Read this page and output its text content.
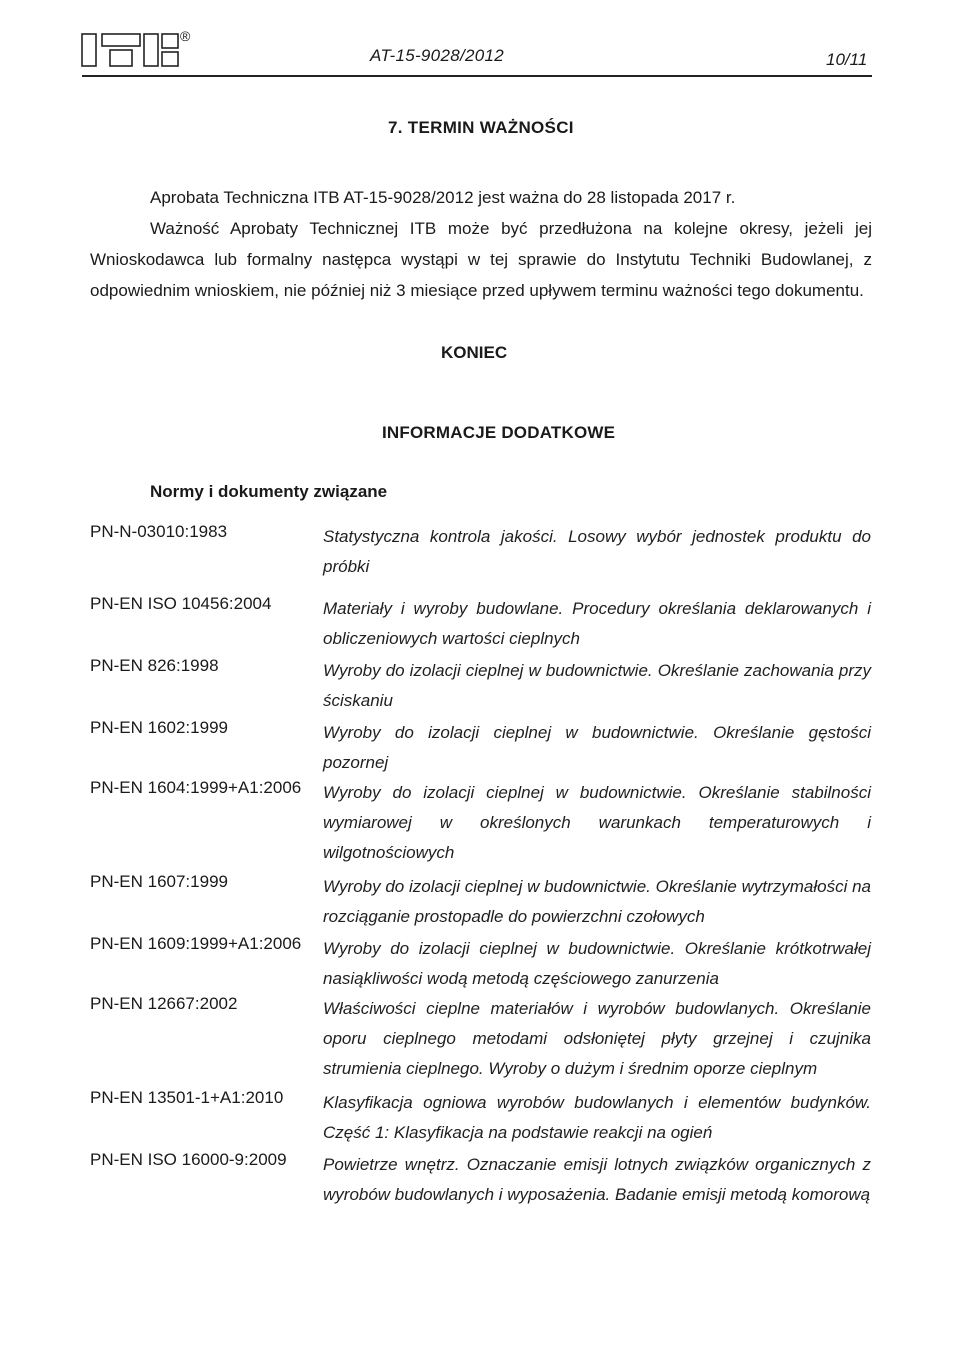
®
AT-15-9028/2012	10/11
7. TERMIN WAŻNOŚCI

Aprobata Techniczna ITB AT-15-9028/2012 jest ważna do 28 listopada 2017 r.

Ważność Aprobaty Technicznej ITB może być przedłużona na kolejne okresy, jeżeli jej Wnioskodawca lub formalny następca wystąpi w tej sprawie do Instytutu Techniki Budowlanej, z odpowiednim wnioskiem, nie później niż 3 miesiące przed upływem terminu ważności tego dokumentu.

KONIEC
INFORMACJE DODATKOWE
Normy i dokumenty związane
PN-N-03010:1983	Statystyczna kontrola jakości. Losowy wybór jednostek produktu do próbki
PN-EN ISO 10456:2004	Materiały i wyroby budowlane. Procedury określania deklarowanych i obliczeniowych wartości cieplnych
PN-EN 826:1998	Wyroby do izolacji cieplnej w budownictwie. Określanie zachowania przy ściskaniu
PN-EN 1602:1999	Wyroby do izolacji cieplnej w budownictwie. Określanie gęstości pozornej
PN-EN 1604:1999+A1:2006 Wyroby do izolacji cieplnej w budownictwie. Określanie stabilności wymiarowej w określonych warunkach temperaturowych i wilgotnościowych
PN-EN 1607:1999	Wyroby do izolacji cieplnej w budownictwie. Określanie wytrzymałości na rozciąganie prostopadle do powierzchni czołowych
PN-EN 1609:1999+A1:2006 Wyroby do izolacji cieplnej w budownictwie. Określanie krótkotrwałej nasiąkliwości wodą metodą częściowego zanurzenia
PN-EN 12667:2002	Właściwości cieplne materiałów i wyrobów budowlanych. Określanie oporu cieplnego metodami odsłoniętej płyty grzejnej i czujnika strumienia cieplnego. Wyroby o dużym i średnim oporze cieplnym
PN-EN 13501-1+A1:2010 Klasyfikacja ogniowa wyrobów budowlanych i elementów budynków. Część 1: Klasyfikacja na podstawie reakcji na ogień
PN-EN ISO 16000-9:2009 Powietrze wnętrz. Oznaczanie emisji lotnych związków organicznych z wyrobów budowlanych i wyposażenia. Badanie emisji metodą komorową
